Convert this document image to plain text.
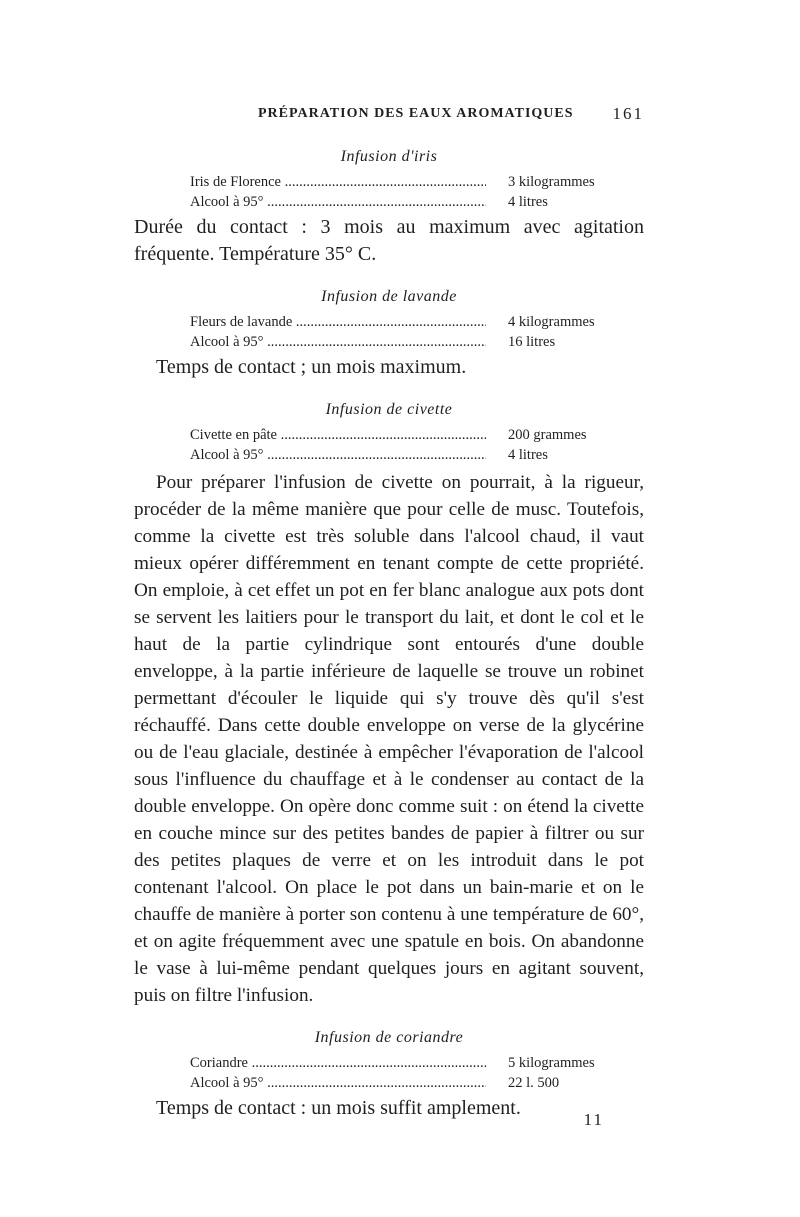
PRÉPARATION DES EAUX AROMATIQUES 161
Infusion d'iris
Iris de Florence .....	3 kilogrammes
Alcool à 95° .....	4 litres

Durée du contact : 3 mois au maximum avec agitation fréquente. Température 35° C.

Infusion de lavande
Fleurs de lavande .....	4 kilogrammes
Alcool à 95° .....	16 litres

Temps de contact ; un mois maximum.

Infusion de civette
Civette en pâte .....	200 grammes
Alcool à 95° .....	4 litres

Pour préparer l'infusion de civette on pourrait, à la rigueur, procéder de la même manière que pour celle de musc. Toutefois, comme la civette est très soluble dans l'alcool chaud, il vaut mieux opérer différemment en tenant compte de cette propriété. On emploie, à cet effet un pot en fer blanc analogue aux pots dont se servent les laitiers pour le transport du lait, et dont le col et le haut de la partie cylindrique sont entourés d'une double enveloppe, à la partie inférieure de laquelle se trouve un robinet permettant d'écouler le liquide qui s'y trouve dès qu'il s'est réchauffé. Dans cette double enveloppe on verse de la glycérine ou de l'eau glaciale, destinée à empêcher l'évaporation de l'alcool sous l'influence du chauffage et à le condenser au contact de la double enveloppe. On opère donc comme suit : on étend la civette en couche mince sur des petites bandes de papier à filtrer ou sur des petites plaques de verre et on les introduit dans le pot contenant l'alcool. On place le pot dans un bain-marie et on le chauffe de manière à porter son contenu à une température de 60°, et on agite fréquemment avec une spatule en bois. On abandonne le vase à lui-même pendant quelques jours en agitant souvent, puis on filtre l'infusion.

Infusion de coriandre
Coriandre .....	5 kilogrammes
Alcool à 95° .....	22 l. 500

Temps de contact : un mois suffit amplement.

11
